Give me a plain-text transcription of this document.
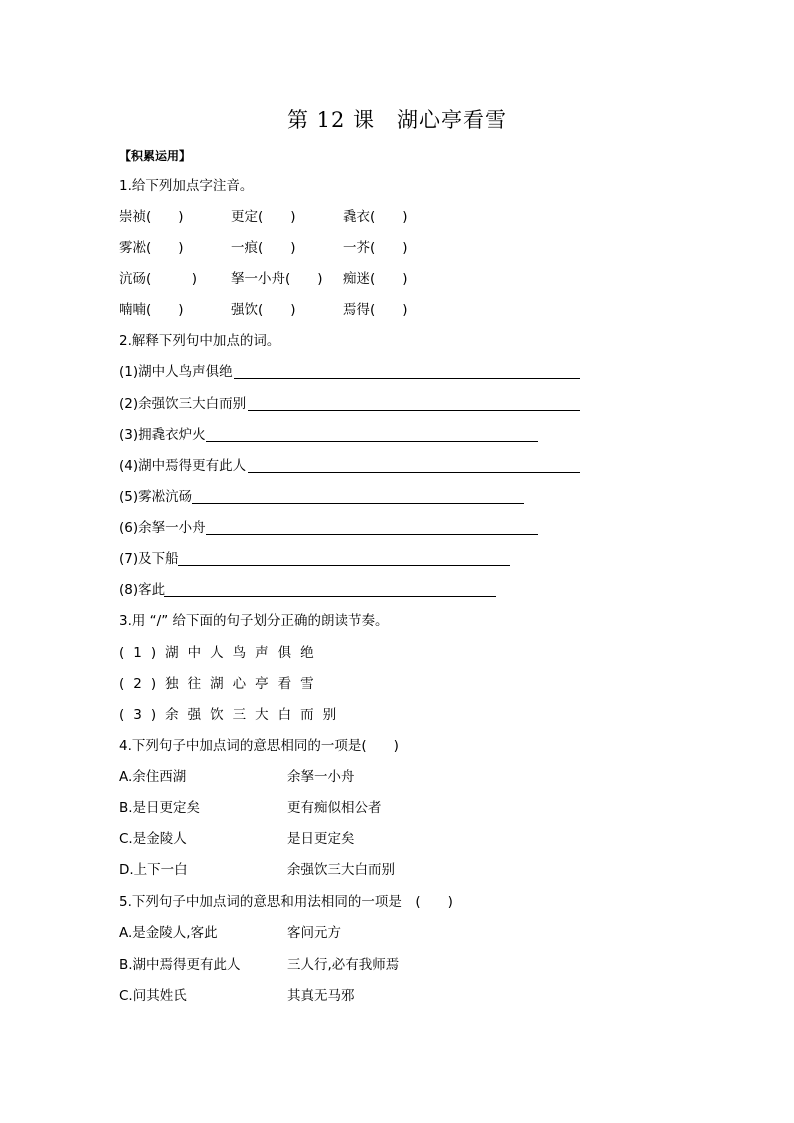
第 12 课　湖心亭看雪
【积累运用】
1.给下列加点字注音。
崇祯(　　)	更定(　　)	毳衣(　　)
雾凇(　　)	一痕(　　)	一芥(　　)
沆砀(　　　)	拏一小舟(　　) 痴迷(　　)
喃喃(　　)	强饮(　　)	焉得(　　)
2.解释下列句中加点的词。
(1)湖中人鸟声俱绝
(2)余强饮三大白而别
(3)拥毳衣炉火
(4)湖中焉得更有此人
(5)雾凇沆砀
(6)余拏一小舟
(7)及下船
(8)客此
3.用 “/” 给下面的句子划分正确的朗读节奏。
(1)湖中人鸟声俱绝
(2)独往湖心亭看雪
(3)余强饮三大白而别
4.下列句子中加点词的意思相同的一项是(　　)
A.余住西湖	余拏一小舟
B.是日更定矣	更有痴似相公者
C.是金陵人	是日更定矣
D.上下一白	余强饮三大白而别
5.下列句子中加点词的意思和用法相同的一项是　(　　)
A.是金陵人,客此	客问元方
B.湖中焉得更有此人	三人行,必有我师焉
C.问其姓氏	其真无马邪
